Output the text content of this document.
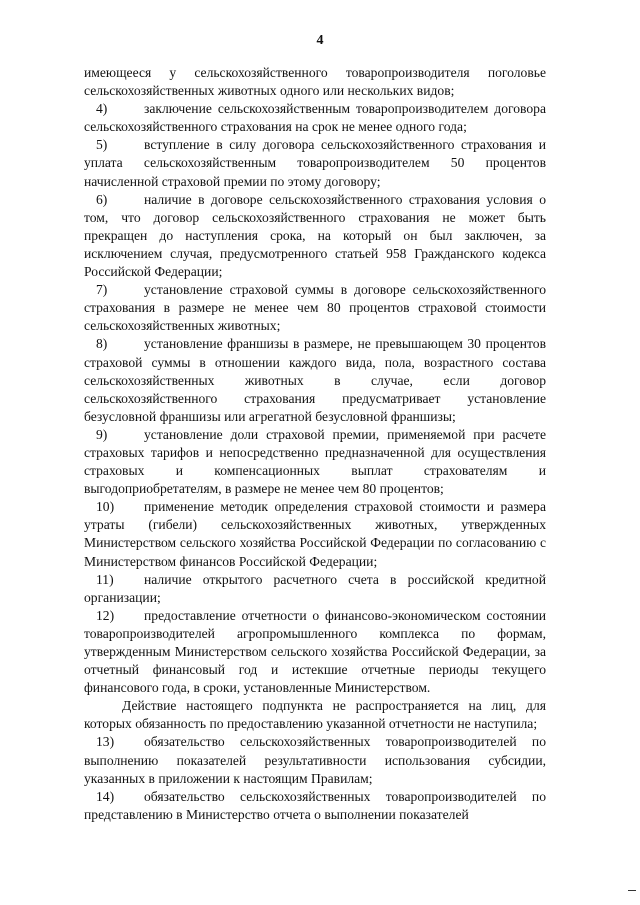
4

имеющееся у сельскохозяйственного товаропроизводителя поголовье сельскохозяйственных животных одного или нескольких видов;

4)	заключение сельскохозяйственным товаропроизводителем договора сельскохозяйственного страхования на срок не менее одного года;

5)	вступление в силу договора сельскохозяйственного страхования и уплата сельскохозяйственным товаропроизводителем 50 процентов начисленной страховой премии по этому договору;

6)	наличие в договоре сельскохозяйственного страхования условия о том, что договор сельскохозяйственного страхования не может быть прекращен до наступления срока, на который он был заключен, за исключением случая, предусмотренного статьей 958 Гражданского кодекса Российской Федерации;

7)	установление страховой суммы в договоре сельскохозяйственного страхования в размере не менее чем 80 процентов страховой стоимости сельскохозяйственных животных;

8)	установление франшизы в размере, не превышающем 30 процентов страховой суммы в отношении каждого вида, пола, возрастного состава сельскохозяйственных животных в случае, если договор сельскохозяйственного страхования предусматривает установление безусловной франшизы или агрегатной безусловной франшизы;

9)	установление доли страховой премии, применяемой при расчете страховых тарифов и непосредственно предназначенной для осуществления страховых и компенсационных выплат страхователям и выгодоприобретателям, в размере не менее чем 80 процентов;

10) применение методик определения страховой стоимости и размера утраты (гибели) сельскохозяйственных животных, утвержденных Министерством сельского хозяйства Российской Федерации по согласованию с Министерством финансов Российской Федерации;

11) наличие открытого расчетного счета в российской кредитной организации;

12) предоставление отчетности о финансово-экономическом состоянии товаропроизводителей агропромышленного комплекса по формам, утвержденным Министерством сельского хозяйства Российской Федерации, за отчетный финансовый год и истекшие отчетные периоды текущего финансового года, в сроки, установленные Министерством.

Действие настоящего подпункта не распространяется на лиц, для которых обязанность по предоставлению указанной отчетности не наступила;

13) обязательство сельскохозяйственных товаропроизводителей по выполнению показателей результативности использования субсидии, указанных в приложении к настоящим Правилам;

14) обязательство сельскохозяйственных товаропроизводителей по представлению в Министерство отчета о выполнении показателей
